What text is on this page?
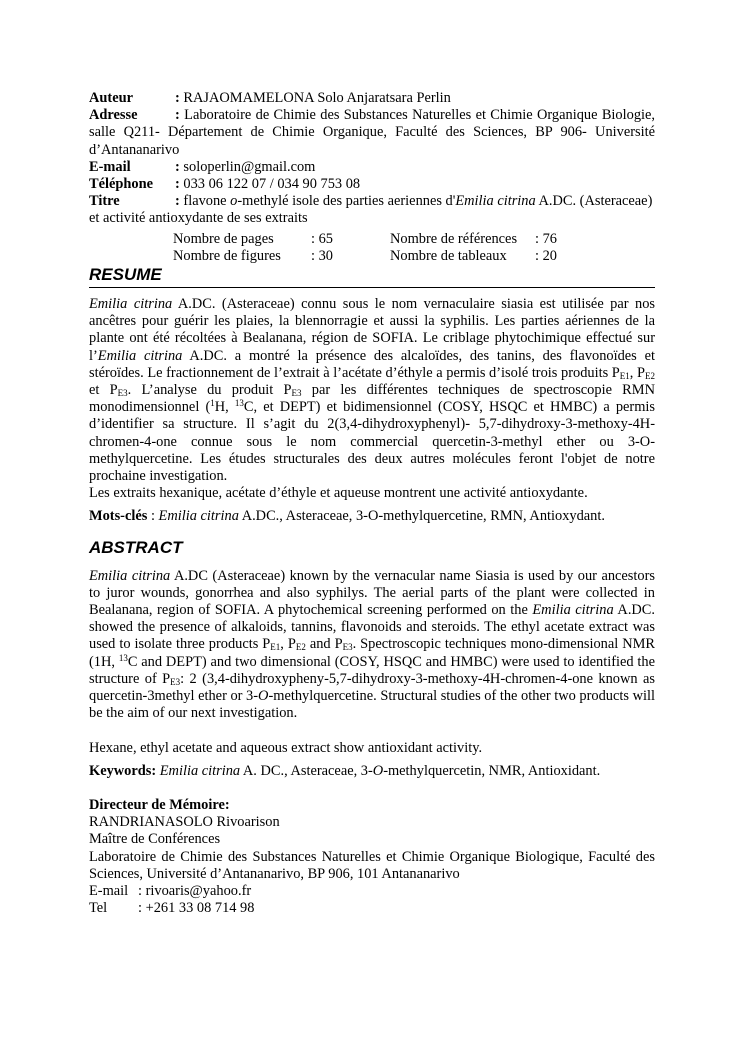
Auteur	: RAJAOMAMELONA Solo Anjaratsara Perlin
Adresse	: Laboratoire de Chimie des Substances Naturelles et Chimie Organique Biologie, salle Q211- Département de Chimie Organique, Faculté des Sciences, BP 906- Université d’Antananarivo
E-mail	: soloperlin@gmail.com
Téléphone : 033 06 122 07 / 034 90 753 08
Titre	: flavone o-methylé isole des parties aeriennes d'Emilia citrina A.DC. (Asteraceae) et activité antioxydante de ses extraits
Nombre de pages	: 65	Nombre de références	: 76
Nombre de figures	: 30	Nombre de tableaux	: 20
RESUME
Emilia citrina A.DC. (Asteraceae) connu sous le nom vernaculaire siasia est utilisée par nos ancêtres pour guérir les plaies, la blennorragie et aussi la syphilis. Les parties aériennes de la plante ont été récoltées à Bealanana, région de SOFIA. Le criblage phytochimique effectué sur l’Emilia citrina A.DC. a montré la présence des alcaloïdes, des tanins, des flavonoïdes et stéroïdes. Le fractionnement de l’extrait à l’acétate d’éthyle a permis d’isolé trois produits $P_{E1}$, $P_{E2}$ et $P_{E3}$. L’analyse du produit $P_{E3}$ par les différentes techniques de spectroscopie RMN monodimensionnel ($^1$H, $^{13}$C, et DEPT) et bidimensionnel (COSY, HSQC et HMBC) a permis d’identifier sa structure. Il s’agit du 2(3,4-dihydroxyphenyl)- 5,7-dihydroxy-3-methoxy-4H-chromen-4-one connue sous le nom commercial quercetin-3-methyl ether ou 3-O-methylquercetine. Les études structurales des deux autres molécules feront l'objet de notre prochaine investigation.
Les extraits hexanique, acétate d’éthyle et aqueuse montrent une activité antioxydante.
Mots-clés : Emilia citrina A.DC., Asteraceae, 3-O-methylquercetine, RMN, Antioxydant.
ABSTRACT
Emilia citrina A.DC (Asteraceae) known by the vernacular name Siasia is used by our ancestors to juror wounds, gonorrhea and also syphilys. The aerial parts of the plant were collected in Bealanana, region of SOFIA. A phytochemical screening performed on the Emilia citrina A.DC. showed the presence of alkaloids, tannins, flavonoids and steroids. The ethyl acetate extract was used to isolate three products $P_{E1}$, $P_{E2}$ and $P_{E3}$. Spectroscopic techniques mono-dimensional NMR (1H, $^{13}$C and DEPT) and two dimensional (COSY, HSQC and HMBC) were used to identified the structure of $P_{E3}$: 2 (3,4-dihydroxypheny-5,7-dihydroxy-3-methoxy-4H-chromen-4-one known as quercetin-3methyl ether or 3-O-methylquercetine. Structural studies of the other two products will be the aim of our next investigation.
Hexane, ethyl acetate and aqueous extract show antioxidant activity.
Keywords: Emilia citrina A. DC., Asteraceae, 3-O-methylquercetin, NMR, Antioxidant.
Directeur de Mémoire:
RANDRIANASOLO Rivoarison
Maître de Conférences
Laboratoire de Chimie des Substances Naturelles et Chimie Organique Biologique, Faculté des Sciences, Université d’Antananarivo, BP 906, 101 Antananarivo
E-mail : rivoaris@yahoo.fr
Tel : +261 33 08 714 98
